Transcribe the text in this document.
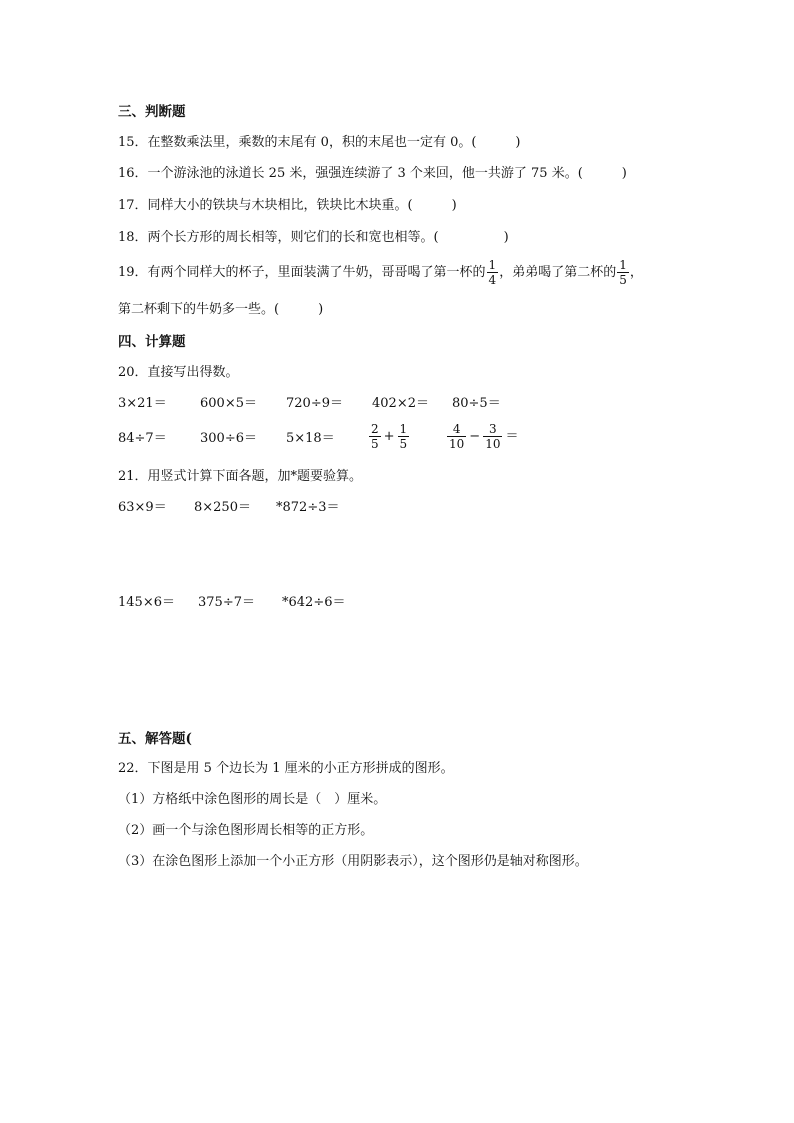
三、判断题
15．在整数乘法里，乘数的末尾有 0，积的末尾也一定有 0。(　　　)
16．一个游泳池的泳道长 25 米，强强连续游了 3 个来回，他一共游了 75 米。(　　　)
17．同样大小的铁块与木块相比，铁块比木块重。(　　　)
18．两个长方形的周长相等，则它们的长和宽也相等。(　　　　　)
19．有两个同样大的杯子，里面装满了牛奶，哥哥喝了第一杯的 $\frac{1}{4}$ ，弟弟喝了第二杯的 $\frac{1}{5}$ ，
第二杯剩下的牛奶多一些。(　　　)
四、计算题
20．直接写出得数。
3×21＝	600×5＝ 720÷9＝ 402×2＝ 80÷5＝
84÷7＝	300÷6＝ 5×18＝	$\frac{2}{5} + \frac{1}{5}$	$\frac{4}{10} - \frac{3}{10}$ ＝
21．用竖式计算下面各题，加*题要验算。
63×9＝ 8×250＝ *872÷3＝
145×6＝ 375÷7＝ *642÷6＝
五、解答题(
22．下图是用 5 个边长为 1 厘米的小正方形拼成的图形。
（1）方格纸中涂色图形的周长是（　）厘米。
（2）画一个与涂色图形周长相等的正方形。
（3）在涂色图形上添加一个小正方形（用阴影表示），这个图形仍是轴对称图形。
